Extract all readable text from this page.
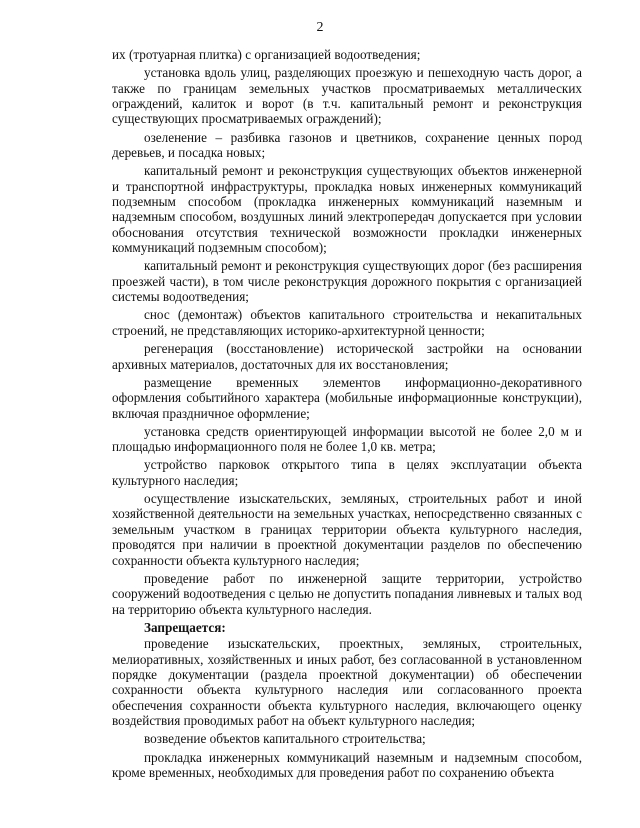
2

их (тротуарная плитка) с организацией водоотведения;

установка вдоль улиц, разделяющих проезжую и пешеходную часть дорог, а также по границам земельных участков просматриваемых металлических ограждений, калиток и ворот (в т.ч. капитальный ремонт и реконструкция существующих просматриваемых ограждений);

озеленение – разбивка газонов и цветников, сохранение ценных пород деревьев, и посадка новых;

капитальный ремонт и реконструкция существующих объектов инженерной и транспортной инфраструктуры, прокладка новых инженерных коммуникаций подземным способом (прокладка инженерных коммуникаций наземным и надземным способом, воздушных линий электропередач допускается при условии обоснования отсутствия технической возможности прокладки инженерных коммуникаций подземным способом);

капитальный ремонт и реконструкция существующих дорог (без расширения проезжей части), в том числе реконструкция дорожного покрытия с организацией системы водоотведения;

снос (демонтаж) объектов капитального строительства и некапитальных строений, не представляющих историко-архитектурной ценности;

регенерация (восстановление) исторической застройки на основании архивных материалов, достаточных для их восстановления;

размещение временных элементов информационно-декоративного оформления событийного характера (мобильные информационные конструкции), включая праздничное оформление;

установка средств ориентирующей информации высотой не более 2,0 м и площадью информационного поля не более 1,0 кв. метра;

устройство парковок открытого типа в целях эксплуатации объекта культурного наследия;

осуществление изыскательских, земляных, строительных работ и иной хозяйственной деятельности на земельных участках, непосредственно связанных с земельным участком в границах территории объекта культурного наследия, проводятся при наличии в проектной документации разделов по обеспечению сохранности объекта культурного наследия;

проведение работ по инженерной защите территории, устройство сооружений водоотведения с целью не допустить попадания ливневых и талых вод на территорию объекта культурного наследия.

Запрещается:

проведение изыскательских, проектных, земляных, строительных, мелиоративных, хозяйственных и иных работ, без согласованной в установленном порядке документации (раздела проектной документации) об обеспечении сохранности объекта культурного наследия или согласованного проекта обеспечения сохранности объекта культурного наследия, включающего оценку воздействия проводимых работ на объект культурного наследия;

возведение объектов капитального строительства;

прокладка инженерных коммуникаций наземным и надземным способом, кроме временных, необходимых для проведения работ по сохранению объекта
